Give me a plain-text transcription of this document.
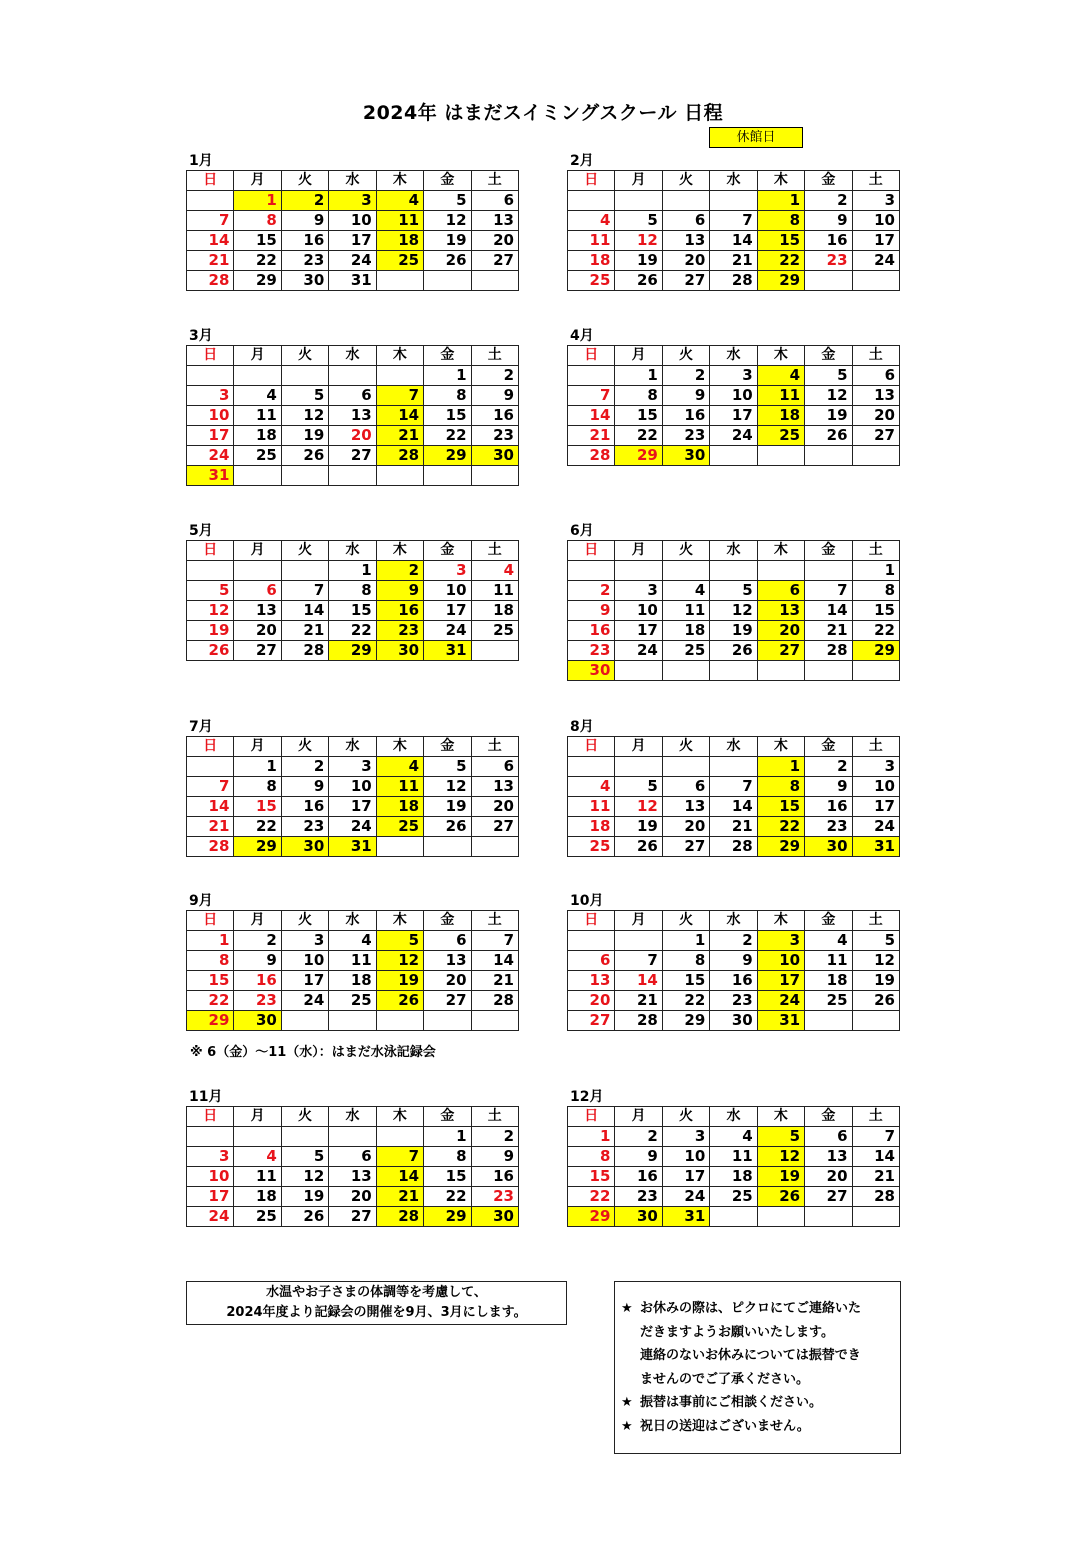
2024年 はまだスイミングスクール 日程
休館日
1月
日	月	火	水	木	金	土
	1	2	3	4	5	6
7	8	9	10	11	12	13
14	15	16	17	18	19	20
21	22	23	24	25	26	27
28	29	30	31			
2月
日	月	火	水	木	金	土
				1	2	3
4	5	6	7	8	9	10
11	12	13	14	15	16	17
18	19	20	21	22	23	24
25	26	27	28	29		
3月
日	月	火	水	木	金	土
					1	2
3	4	5	6	7	8	9
10	11	12	13	14	15	16
17	18	19	20	21	22	23
24	25	26	27	28	29	30
31						
4月
日	月	火	水	木	金	土
	1	2	3	4	5	6
7	8	9	10	11	12	13
14	15	16	17	18	19	20
21	22	23	24	25	26	27
28	29	30				
5月
日	月	火	水	木	金	土
			1	2	3	4
5	6	7	8	9	10	11
12	13	14	15	16	17	18
19	20	21	22	23	24	25
26	27	28	29	30	31	
6月
日	月	火	水	木	金	土
						1
2	3	4	5	6	7	8
9	10	11	12	13	14	15
16	17	18	19	20	21	22
23	24	25	26	27	28	29
30						
7月
日	月	火	水	木	金	土
	1	2	3	4	5	6
7	8	9	10	11	12	13
14	15	16	17	18	19	20
21	22	23	24	25	26	27
28	29	30	31			
8月
日	月	火	水	木	金	土
				1	2	3
4	5	6	7	8	9	10
11	12	13	14	15	16	17
18	19	20	21	22	23	24
25	26	27	28	29	30	31
9月
日	月	火	水	木	金	土
1	2	3	4	5	6	7
8	9	10	11	12	13	14
15	16	17	18	19	20	21
22	23	24	25	26	27	28
29	30					
10月
日	月	火	水	木	金	土
		1	2	3	4	5
6	7	8	9	10	11	12
13	14	15	16	17	18	19
20	21	22	23	24	25	26
27	28	29	30	31		
11月
日	月	火	水	木	金	土
					1	2
3	4	5	6	7	8	9
10	11	12	13	14	15	16
17	18	19	20	21	22	23
24	25	26	27	28	29	30
12月
日	月	火	水	木	金	土
1	2	3	4	5	6	7
8	9	10	11	12	13	14
15	16	17	18	19	20	21
22	23	24	25	26	27	28
29	30	31				
※ 6（金）～11（水）：はまだ水泳記録会
水温やお子さまの体調等を考慮して、
2024年度より記録会の開催を9月、3月にします。	★ お休みの際は、ピクロにてご連絡いた
だきますようお願いいたします。
連絡のないお休みについては振替でき
ませんのでご了承ください。
★ 振替は事前にご相談ください。
★ 祝日の送迎はございません。
